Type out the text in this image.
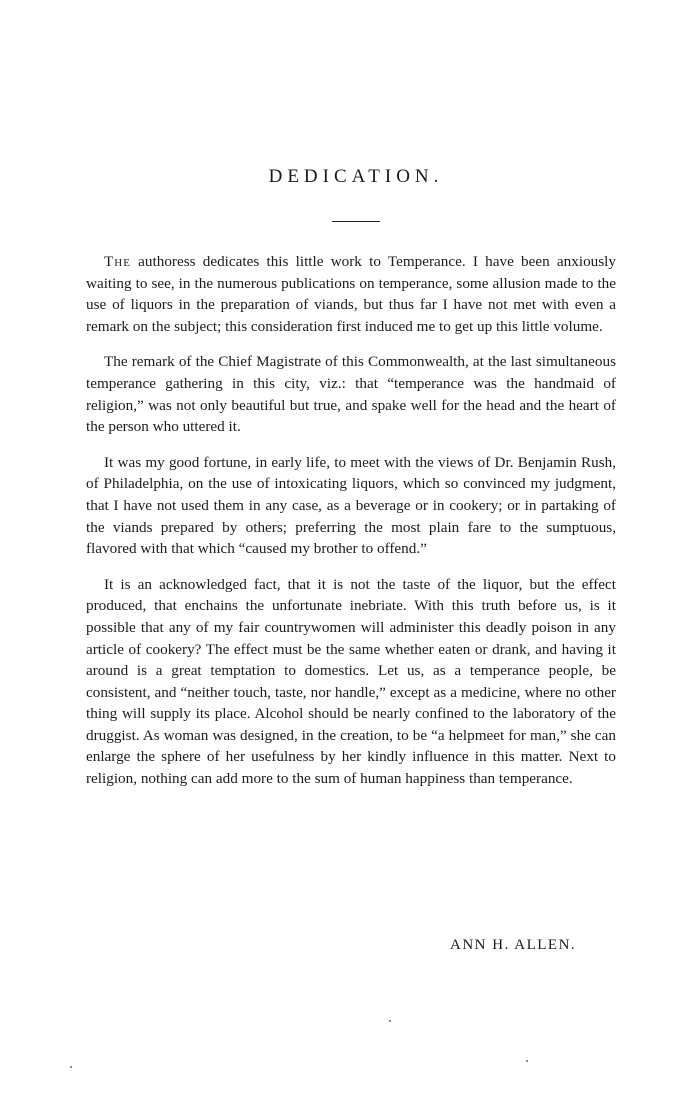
DEDICATION.

The authoress dedicates this little work to Temperance. I have been anxiously waiting to see, in the numerous publications on temperance, some allusion made to the use of liquors in the preparation of viands, but thus far I have not met with even a remark on the subject; this consideration first induced me to get up this little volume.

The remark of the Chief Magistrate of this Commonwealth, at the last simultaneous temperance gathering in this city, viz.: that “temperance was the handmaid of religion,” was not only beautiful but true, and spake well for the head and the heart of the person who uttered it.

It was my good fortune, in early life, to meet with the views of Dr. Benjamin Rush, of Philadelphia, on the use of intoxicating liquors, which so convinced my judgment, that I have not used them in any case, as a beverage or in cookery; or in partaking of the viands prepared by others; preferring the most plain fare to the sumptuous, flavored with that which “caused my brother to offend.”

It is an acknowledged fact, that it is not the taste of the liquor, but the effect produced, that enchains the unfortunate inebriate. With this truth before us, is it possible that any of my fair countrywomen will administer this deadly poison in any article of cookery? The effect must be the same whether eaten or drank, and having it around is a great temptation to domestics. Let us, as a temperance people, be consistent, and “neither touch, taste, nor handle,” except as a medicine, where no other thing will supply its place. Alcohol should be nearly confined to the laboratory of the druggist. As woman was designed, in the creation, to be “a helpmeet for man,” she can enlarge the sphere of her usefulness by her kindly influence in this matter. Next to religion, nothing can add more to the sum of human happiness than temperance.

ANN H. ALLEN.
